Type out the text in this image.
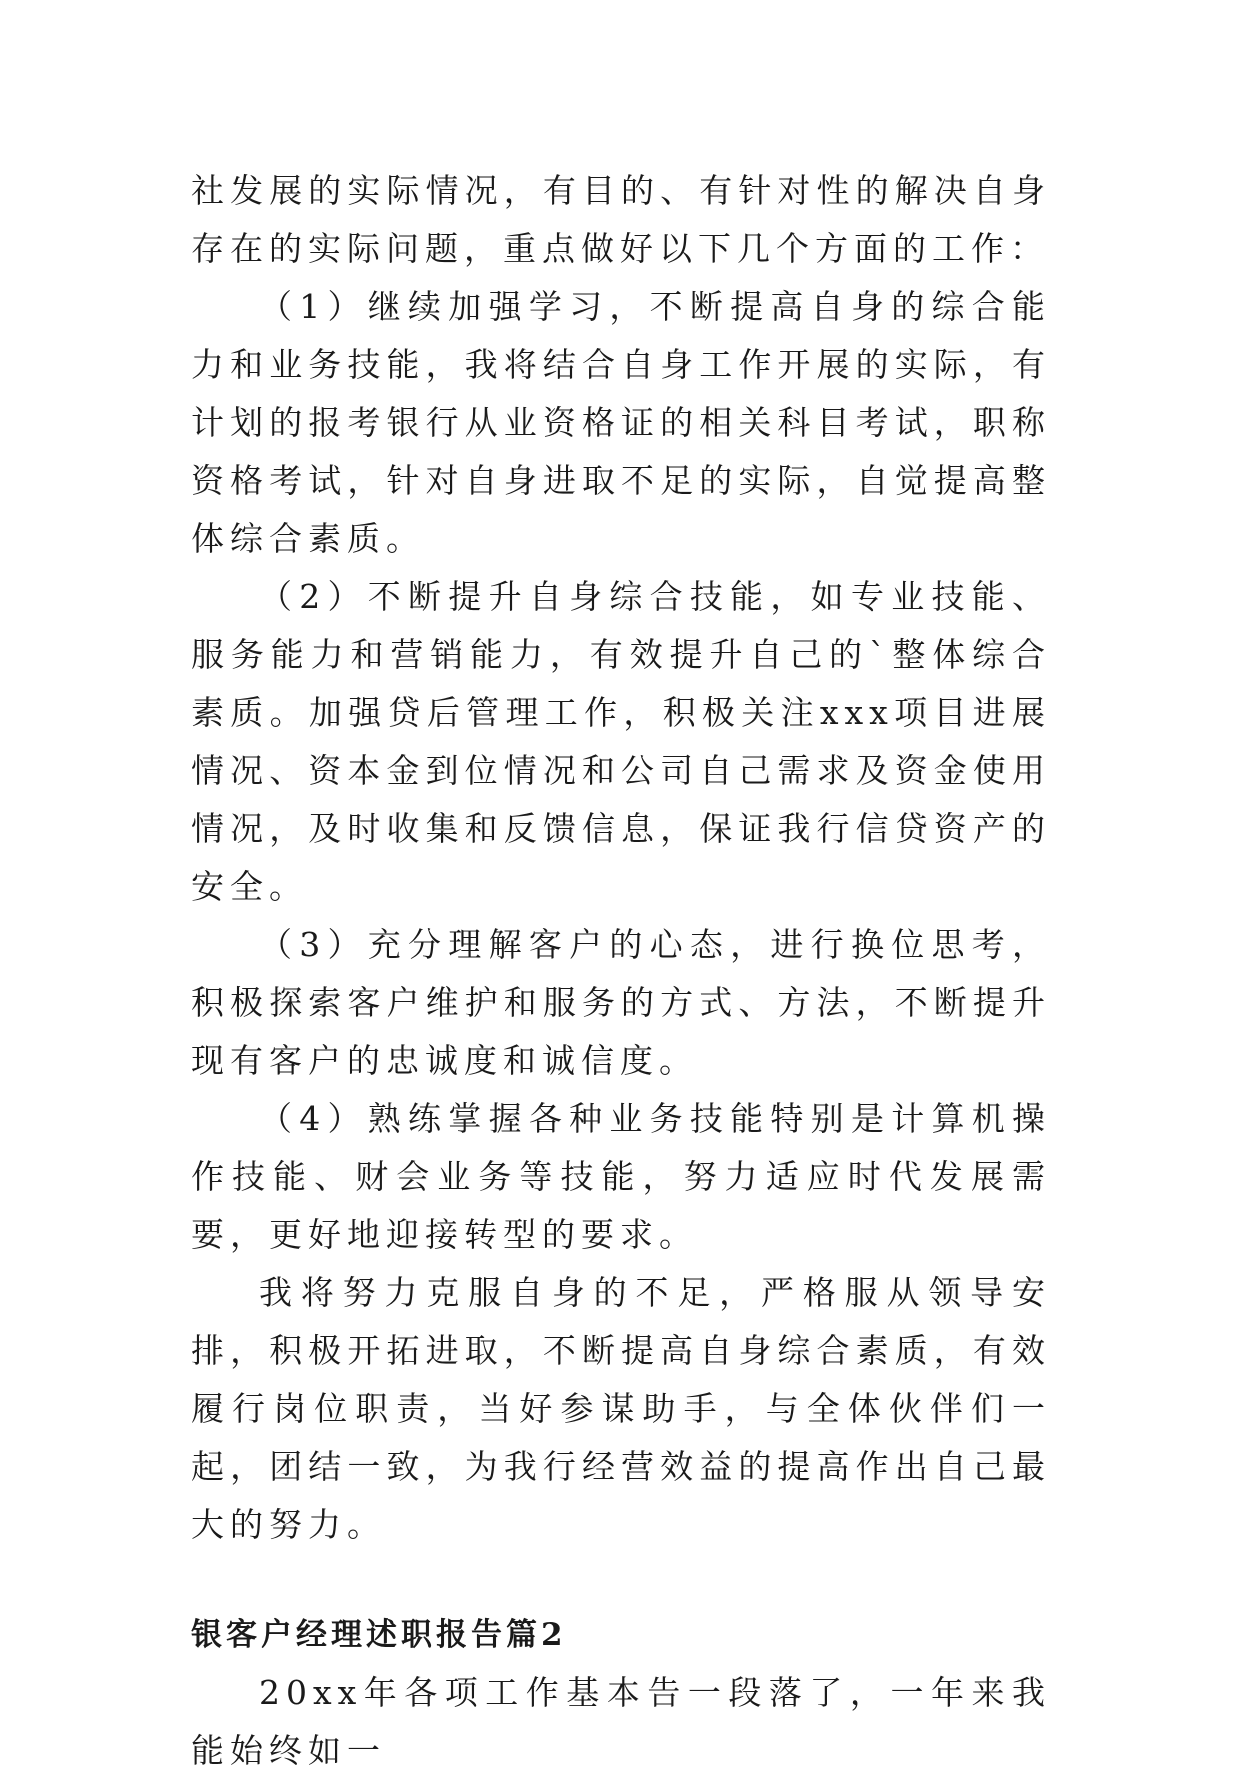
社发展的实际情况，有目的、有针对性的解决自身存在的实际问题，重点做好以下几个方面的工作：

（1）继续加强学习，不断提高自身的综合能力和业务技能，我将结合自身工作开展的实际，有计划的报考银行从业资格证的相关科目考试，职称资格考试，针对自身进取不足的实际，自觉提高整体综合素质。

（2）不断提升自身综合技能，如专业技能、服务能力和营销能力，有效提升自己的`整体综合素质。加强贷后管理工作，积极关注xxx项目进展情况、资本金到位情况和公司自己需求及资金使用情况，及时收集和反馈信息，保证我行信贷资产的安全。

（3）充分理解客户的心态，进行换位思考，积极探索客户维护和服务的方式、方法，不断提升现有客户的忠诚度和诚信度。

（4）熟练掌握各种业务技能特别是计算机操作技能、财会业务等技能，努力适应时代发展需要，更好地迎接转型的要求。

我将努力克服自身的不足，严格服从领导安排，积极开拓进取，不断提高自身综合素质，有效履行岗位职责，当好参谋助手，与全体伙伴们一起，团结一致，为我行经营效益的提高作出自己最大的努力。

银客户经理述职报告篇2

20xx年各项工作基本告一段落了，一年来我能始终如一
